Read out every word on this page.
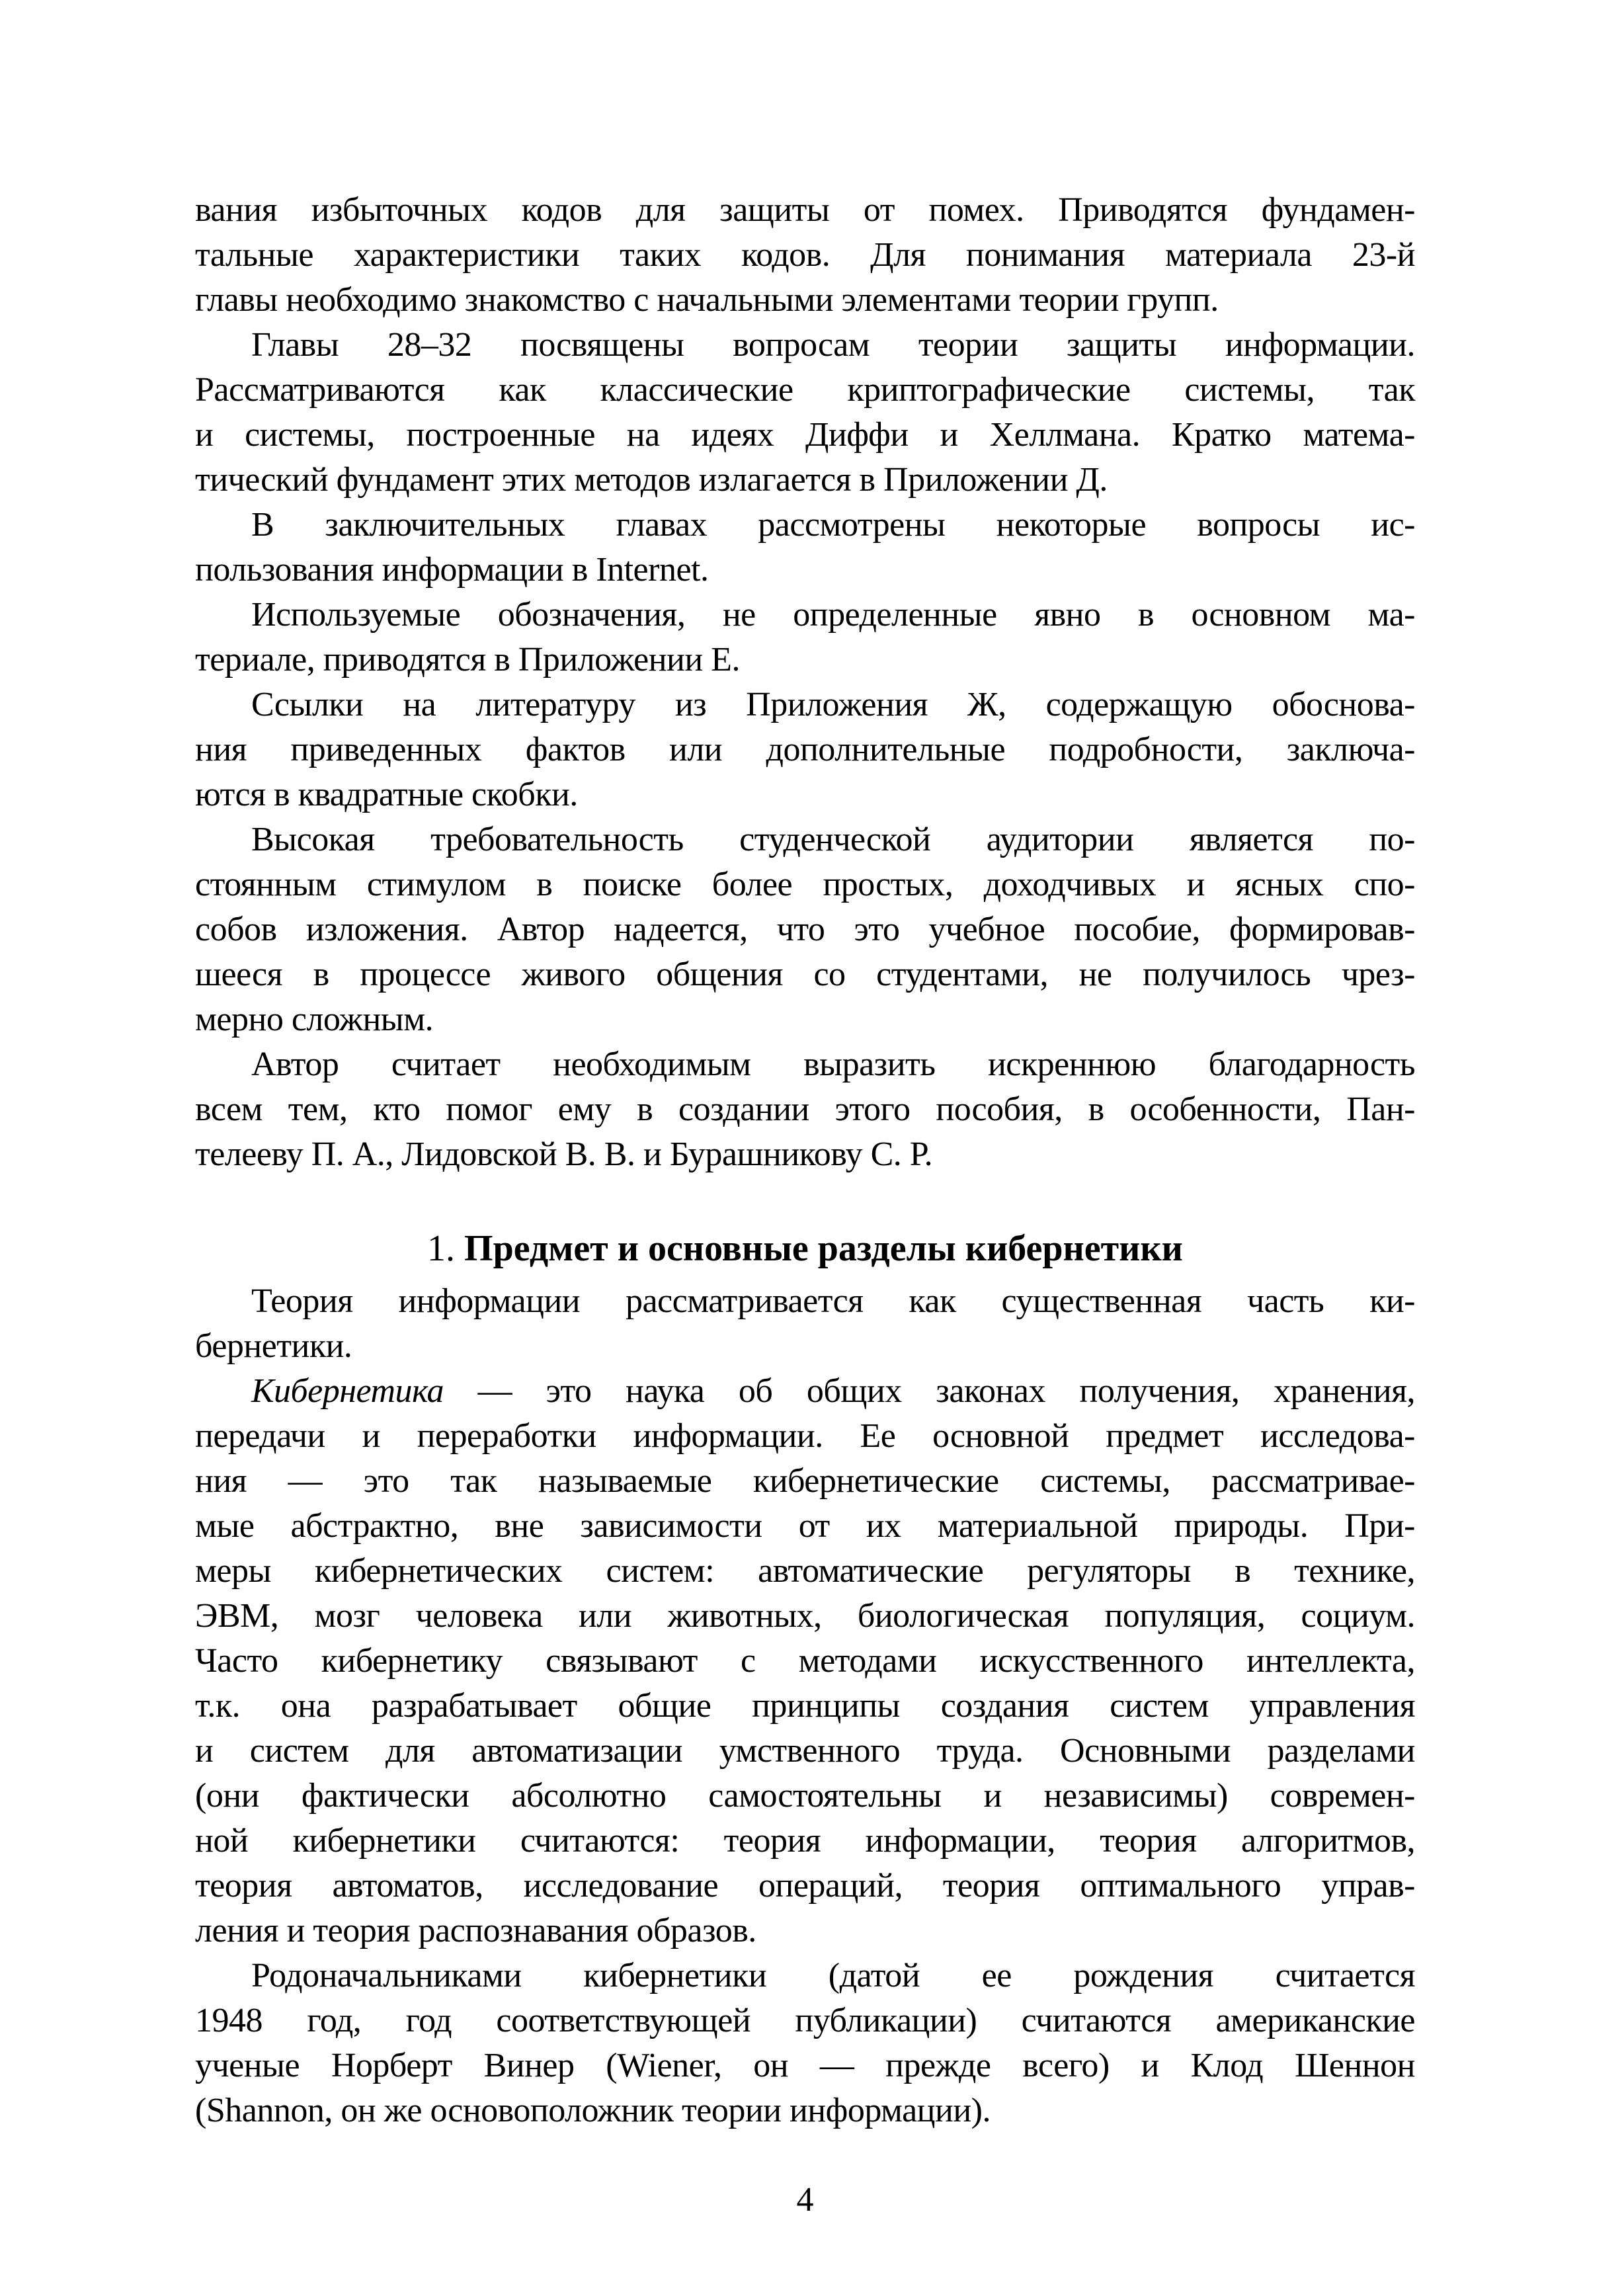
вания избыточных кодов для защиты от помех. Приводятся фундамен-
тальные характеристики таких кодов. Для понимания материала 23-й
главы необходимо знакомство с начальными элементами теории групп.
Главы 28–32 посвящены вопросам теории защиты информации.
Рассматриваются как классические криптографические системы, так
и системы, построенные на идеях Диффи и Хеллмана. Кратко матема-
тический фундамент этих методов излагается в Приложении Д.
В заключительных главах рассмотрены некоторые вопросы ис-
пользования информации в Internet.
Используемые обозначения, не определенные явно в основном ма-
териале, приводятся в Приложении Е.
Ссылки на литературу из Приложения Ж, содержащую обоснова-
ния приведенных фактов или дополнительные подробности, заключа-
ются в квадратные скобки.
Высокая требовательность студенческой аудитории является по-
стоянным стимулом в поиске более простых, доходчивых и ясных спо-
собов изложения. Автор надеется, что это учебное пособие, формировав-
шееся в процессе живого общения со студентами, не получилось чрез-
мерно сложным.
Автор считает необходимым выразить искреннюю благодарность
всем тем, кто помог ему в создании этого пособия, в особенности, Пан-
телееву П. А., Лидовской В. В. и Бурашникову С. Р.
1. Предмет и основные разделы кибернетики
Теория информации рассматривается как существенная часть ки-
бернетики.
Кибернетика — это наука об общих законах получения, хранения,
передачи и переработки информации. Ее основной предмет исследова-
ния — это так называемые кибернетические системы, рассматривае-
мые абстрактно, вне зависимости от их материальной природы. При-
меры кибернетических систем: автоматические регуляторы в технике,
ЭВМ, мозг человека или животных, биологическая популяция, социум.
Часто кибернетику связывают с методами искусственного интеллекта,
т.к. она разрабатывает общие принципы создания систем управления
и систем для автоматизации умственного труда. Основными разделами
(они фактически абсолютно самостоятельны и независимы) современ-
ной кибернетики считаются: теория информации, теория алгоритмов,
теория автоматов, исследование операций, теория оптимального управ-
ления и теория распознавания образов.
Родоначальниками кибернетики (датой ее рождения считается
1948 год, год соответствующей публикации) считаются американские
ученые Норберт Винер (Wiener, он — прежде всего) и Клод Шеннон
(Shannon, он же основоположник теории информации).
4
